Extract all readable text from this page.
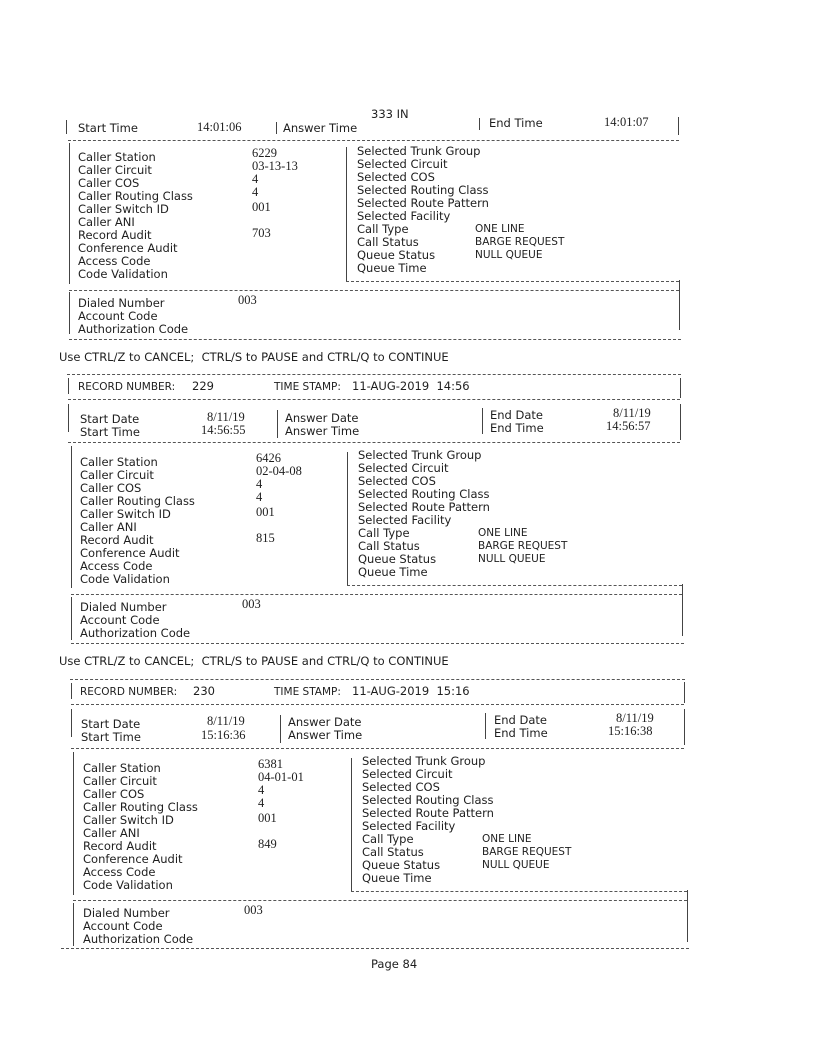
333 IN
Start Time	14:01:06	Answer Time	End Time	14:01:07
Caller Station	6229
Caller Circuit	03-13-13
Caller COS	4
Caller Routing Class	4
Caller Switch ID	001
Caller ANI
Record Audit	703
Conference Audit
Access Code
Code Validation
Selected Trunk Group
Selected Circuit
Selected COS
Selected Routing Class
Selected Route Pattern
Selected Facility
Call Type	ONE LINE
Call Status	BARGE REQUEST
Queue Status	NULL QUEUE
Queue Time
Dialed Number	003
Account Code
Authorization Code
Use CTRL/Z to CANCEL;  CTRL/S to PAUSE and CTRL/Q to CONTINUE
RECORD NUMBER: 229	TIME STAMP: 11-AUG-2019  14:56
Start Date	8/11/19
Start Time	14:56:55
Answer Date
Answer Time
End Date	8/11/19
End Time	14:56:57
Caller Station	6426
Caller Circuit	02-04-08
Caller COS	4
Caller Routing Class	4
Caller Switch ID	001
Caller ANI
Record Audit	815
Conference Audit
Access Code
Code Validation
Selected Trunk Group
Selected Circuit
Selected COS
Selected Routing Class
Selected Route Pattern
Selected Facility
Call Type	ONE LINE
Call Status	BARGE REQUEST
Queue Status	NULL QUEUE
Queue Time
Dialed Number	003
Account Code
Authorization Code
Use CTRL/Z to CANCEL;  CTRL/S to PAUSE and CTRL/Q to CONTINUE
RECORD NUMBER: 230	TIME STAMP: 11-AUG-2019  15:16
Start Date	8/11/19
Start Time	15:16:36
Answer Date
Answer Time
End Date	8/11/19
End Time	15:16:38
Caller Station	6381
Caller Circuit	04-01-01
Caller COS	4
Caller Routing Class	4
Caller Switch ID	001
Caller ANI
Record Audit	849
Conference Audit
Access Code
Code Validation
Selected Trunk Group
Selected Circuit
Selected COS
Selected Routing Class
Selected Route Pattern
Selected Facility
Call Type	ONE LINE
Call Status	BARGE REQUEST
Queue Status	NULL QUEUE
Queue Time
Dialed Number	003
Account Code
Authorization Code
Page 84
